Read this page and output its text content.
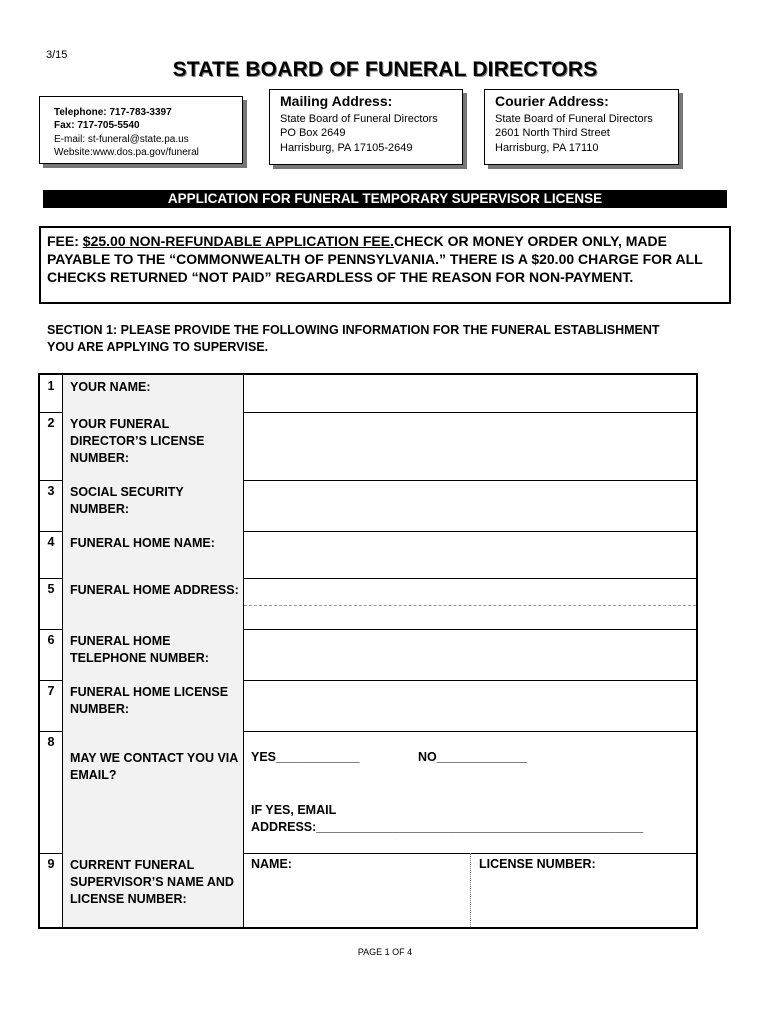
3/15
STATE BOARD OF FUNERAL DIRECTORS
Telephone: 717-783-3397
Fax: 717-705-5540
E-mail: st-funeral@state.pa.us
Website:www.dos.pa.gov/funeral
Mailing Address:
State Board of Funeral Directors
PO Box 2649
Harrisburg, PA 17105-2649
Courier Address:
State Board of Funeral Directors
2601 North Third Street
Harrisburg, PA 17110
APPLICATION FOR FUNERAL TEMPORARY SUPERVISOR LICENSE
FEE: $25.00 NON-REFUNDABLE APPLICATION FEE.CHECK OR MONEY ORDER ONLY, MADE PAYABLE TO THE “COMMONWEALTH OF PENNSYLVANIA.” THERE IS A $20.00 CHARGE FOR ALL CHECKS RETURNED “NOT PAID” REGARDLESS OF THE REASON FOR NON-PAYMENT.
SECTION 1: PLEASE PROVIDE THE FOLLOWING INFORMATION FOR THE FUNERAL ESTABLISHMENT YOU ARE APPLYING TO SUPERVISE.
1	YOUR NAME:
2	YOUR FUNERAL DIRECTOR’S LICENSE NUMBER:
3	SOCIAL SECURITY NUMBER:
4	FUNERAL HOME NAME:
5	FUNERAL HOME ADDRESS:
6	FUNERAL HOME TELEPHONE NUMBER:
7	FUNERAL HOME LICENSE NUMBER:
8
MAY WE CONTACT YOU VIA EMAIL?
YES____________	NO_____________
IF YES, EMAIL
ADDRESS:_______________________________________________
9	CURRENT FUNERAL SUPERVISOR’S NAME AND LICENSE NUMBER:
NAME:	LICENSE NUMBER:
PAGE 1 OF 4
